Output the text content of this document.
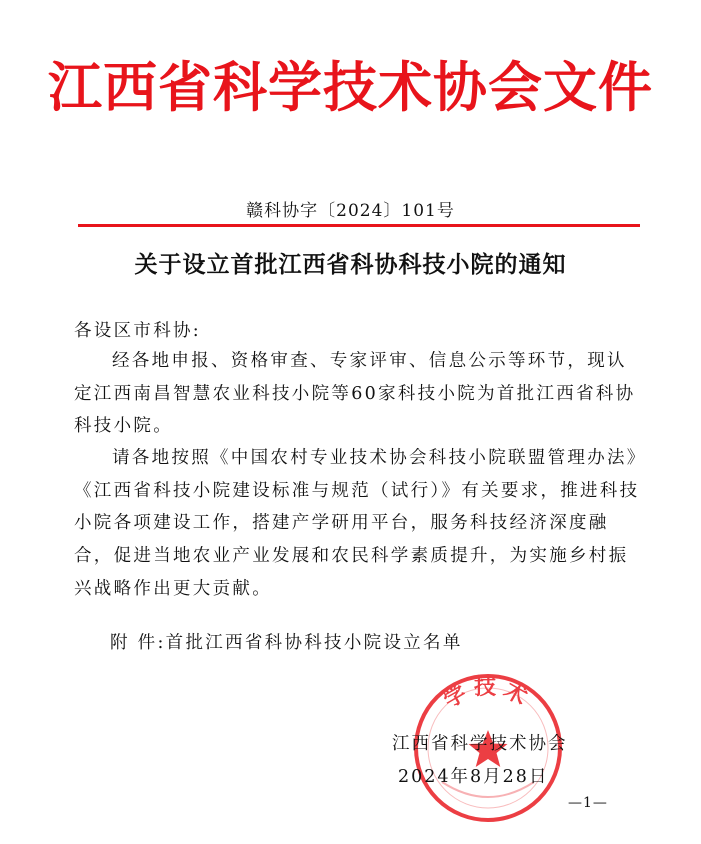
江西省科学技术协会文件
赣科协字〔2024〕101号
关于设立首批江西省科协科技小院的通知
各设区市科协:
经各地申报、资格审查、专家评审、信息公示等环节，现认定江西南昌智慧农业科技小院等60家科技小院为首批江西省科协科技小院。
请各地按照《中国农村专业技术协会科技小院联盟管理办法》《江西省科技小院建设标准与规范（试行）》有关要求，推进科技小院各项建设工作，搭建产学研用平台，服务科技经济深度融合，促进当地农业产业发展和农民科学素质提升，为实施乡村振兴战略作出更大贡献。
附 件:首批江西省科协科技小院设立名单
学技术
江西省科学技术协会
2024年8月28日
—1—
